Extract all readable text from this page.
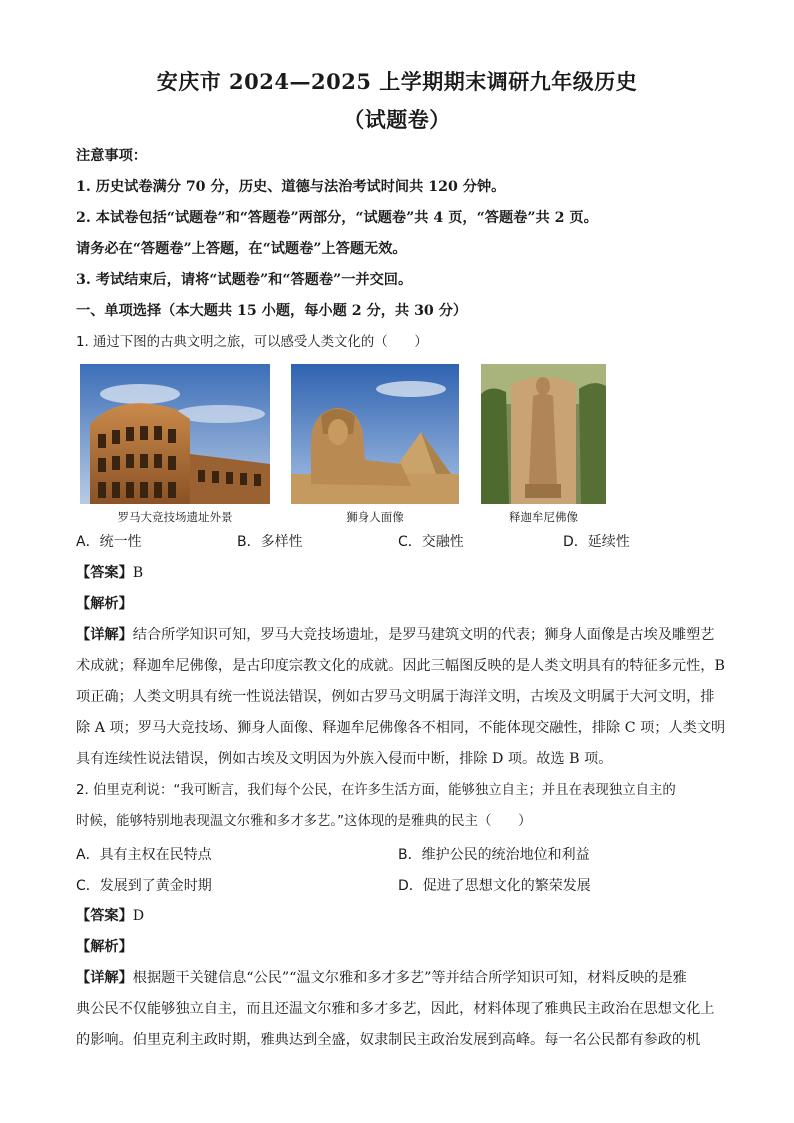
安庆市 2024—2025 上学期期末调研九年级历史
（试题卷）
注意事项：
1. 历史试卷满分 70 分，历史、道德与法治考试时间共 120 分钟。
2. 本试卷包括“试题卷”和“答题卷”两部分，“试题卷”共 4 页，“答题卷”共 2 页。
请务必在“答题卷”上答题，在“试题卷”上答题无效。
3. 考试结束后，请将“试题卷”和“答题卷”一并交回。
一、单项选择（本大题共 15 小题，每小题 2 分，共 30 分）
1. 通过下图的古典文明之旅，可以感受人类文化的（　　）
罗马大竞技场遗址外景	狮身人面像	释迦牟尼佛像
A．统一性	B．多样性	C．交融性	D．延续性
【答案】B
【解析】
【详解】结合所学知识可知，罗马大竞技场遗址，是罗马建筑文明的代表；狮身人面像是古埃及雕塑艺
术成就；释迦牟尼佛像，是古印度宗教文化的成就。因此三幅图反映的是人类文明具有的特征多元性，B
项正确；人类文明具有统一性说法错误，例如古罗马文明属于海洋文明，古埃及文明属于大河文明，排
除 A 项；罗马大竞技场、狮身人面像、释迦牟尼佛像各不相同，不能体现交融性，排除 C 项；人类文明
具有连续性说法错误，例如古埃及文明因为外族入侵而中断，排除 D 项。故选 B 项。
2. 伯里克利说：“我可断言，我们每个公民，在许多生活方面，能够独立自主；并且在表现独立自主的
时候，能够特别地表现温文尔雅和多才多艺。”这体现的是雅典的民主（　　）
A．具有主权在民特点	B．维护公民的统治地位和利益
C．发展到了黄金时期	D．促进了思想文化的繁荣发展
【答案】D
【解析】
【详解】根据题干关键信息“公民”“温文尔雅和多才多艺”等并结合所学知识可知，材料反映的是雅
典公民不仅能够独立自主，而且还温文尔雅和多才多艺，因此，材料体现了雅典民主政治在思想文化上
的影响。伯里克利主政时期，雅典达到全盛，奴隶制民主政治发展到高峰。每一名公民都有参政的机
